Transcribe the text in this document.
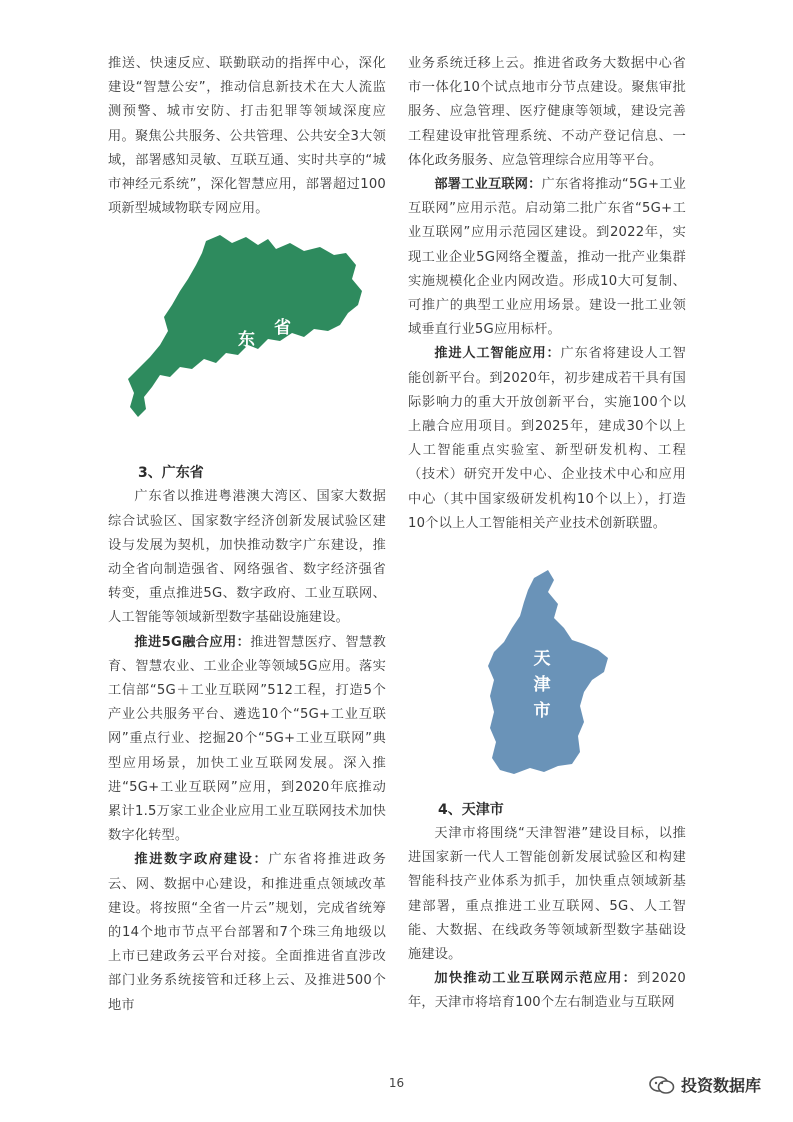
推送、快速反应、联勤联动的指挥中心，深化建设“智慧公安”，推动信息新技术在大人流监测预警、城市安防、打击犯罪等领域深度应用。聚焦公共服务、公共管理、公共安全3大领域，部署感知灵敏、互联互通、实时共享的“城市神经元系统”，深化智慧应用，部署超过100项新型城域物联专网应用。

广
东
省
3、广东省

广东省以推进粤港澳大湾区、国家大数据综合试验区、国家数字经济创新发展试验区建设与发展为契机，加快推动数字广东建设，推动全省向制造强省、网络强省、数字经济强省转变，重点推进5G、数字政府、工业互联网、人工智能等领域新型数字基础设施建设。

推进5G融合应用：推进智慧医疗、智慧教育、智慧农业、工业企业等领域5G应用。落实工信部“5G＋工业互联网”512工程，打造5个产业公共服务平台、遴选10个“5G+工业互联网”重点行业、挖掘20个“5G+工业互联网”典型应用场景，加快工业互联网发展。深入推进“5G+工业互联网”应用，到2020年底推动累计1.5万家工业企业应用工业互联网技术加快数字化转型。

推进数字政府建设：广东省将推进政务云、网、数据中心建设，和推进重点领域改革建设。将按照“全省一片云”规划，完成省统筹的14个地市节点平台部署和7个珠三角地级以上市已建政务云平台对接。全面推进省直涉改部门业务系统接管和迁移上云、及推进500个地市

业务系统迁移上云。推进省政务大数据中心省市一体化10个试点地市分节点建设。聚焦审批服务、应急管理、医疗健康等领域，建设完善工程建设审批管理系统、不动产登记信息、一体化政务服务、应急管理综合应用等平台。

部署工业互联网：广东省将推动“5G+工业互联网”应用示范。启动第二批广东省“5G+工业互联网”应用示范园区建设。到2022年，实现工业企业5G网络全覆盖，推动一批产业集群实施规模化企业内网改造。形成10大可复制、可推广的典型工业应用场景。建设一批工业领域垂直行业5G应用标杆。

推进人工智能应用：广东省将建设人工智能创新平台。到2020年，初步建成若干具有国际影响力的重大开放创新平台，实施100个以上融合应用项目。到2025年，建成30个以上人工智能重点实验室、新型研发机构、工程（技术）研究开发中心、企业技术中心和应用中心（其中国家级研发机构10个以上），打造10个以上人工智能相关产业技术创新联盟。

天
津
市
4、天津市

天津市将围绕“天津智港”建设目标，以推进国家新一代人工智能创新发展试验区和构建智能科技产业体系为抓手，加快重点领域新基建部署，重点推进工业互联网、5G、人工智能、大数据、在线政务等领域新型数字基础设施建设。

加快推动工业互联网示范应用：到2020年，天津市将培育100个左右制造业与互联网

16	投资数据库
